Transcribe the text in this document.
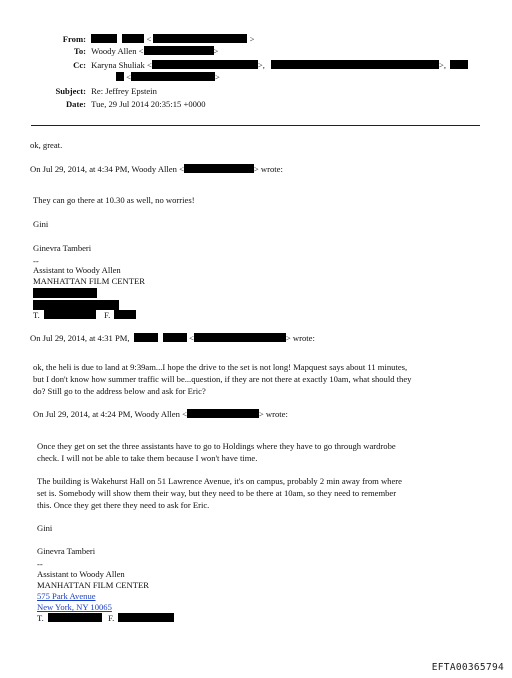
From:	<	>
To: Woody Allen <	>
Cc: Karyna Shuliak <	>,	>,
<	>
Subject: Re: Jeffrey Epstein
Date: Tue, 29 Jul 2014 20:35:15 +0000
ok, great.
On Jul 29, 2014, at 4:34 PM, Woody Allen <	> wrote:
They can go there at 10.30 as well, no worries!
Gini
Ginevra Tamberi
--
Assistant to Woody Allen
MANHATTAN FILM CENTER
T.	F.
On Jul 29, 2014, at 4:31 PM,	<	> wrote:
ok, the heli is due to land at 9:39am...I hope the drive to the set is not long! Mapquest says about 11 minutes,
but I don't know how summer traffic will be...question, if they are not there at exactly 10am, what should they
do? Still go to the address below and ask for Eric?
On Jul 29, 2014, at 4:24 PM, Woody Allen <	> wrote:
Once they get on set the three assistants have to go to Holdings where they have to go through wardrobe
check. I will not be able to take them because I won't have time.
The building is Wakehurst Hall on 51 Lawrence Avenue, it's on campus, probably 2 min away from where
set is. Somebody will show them their way, but they need to be there at 10am, so they need to remember
this. Once they get there they need to ask for Eric.
Gini
Ginevra Tamberi
--
Assistant to Woody Allen
MANHATTAN FILM CENTER
575 Park Avenue
New York, NY 10065
T.	F.
EFTA00365794
